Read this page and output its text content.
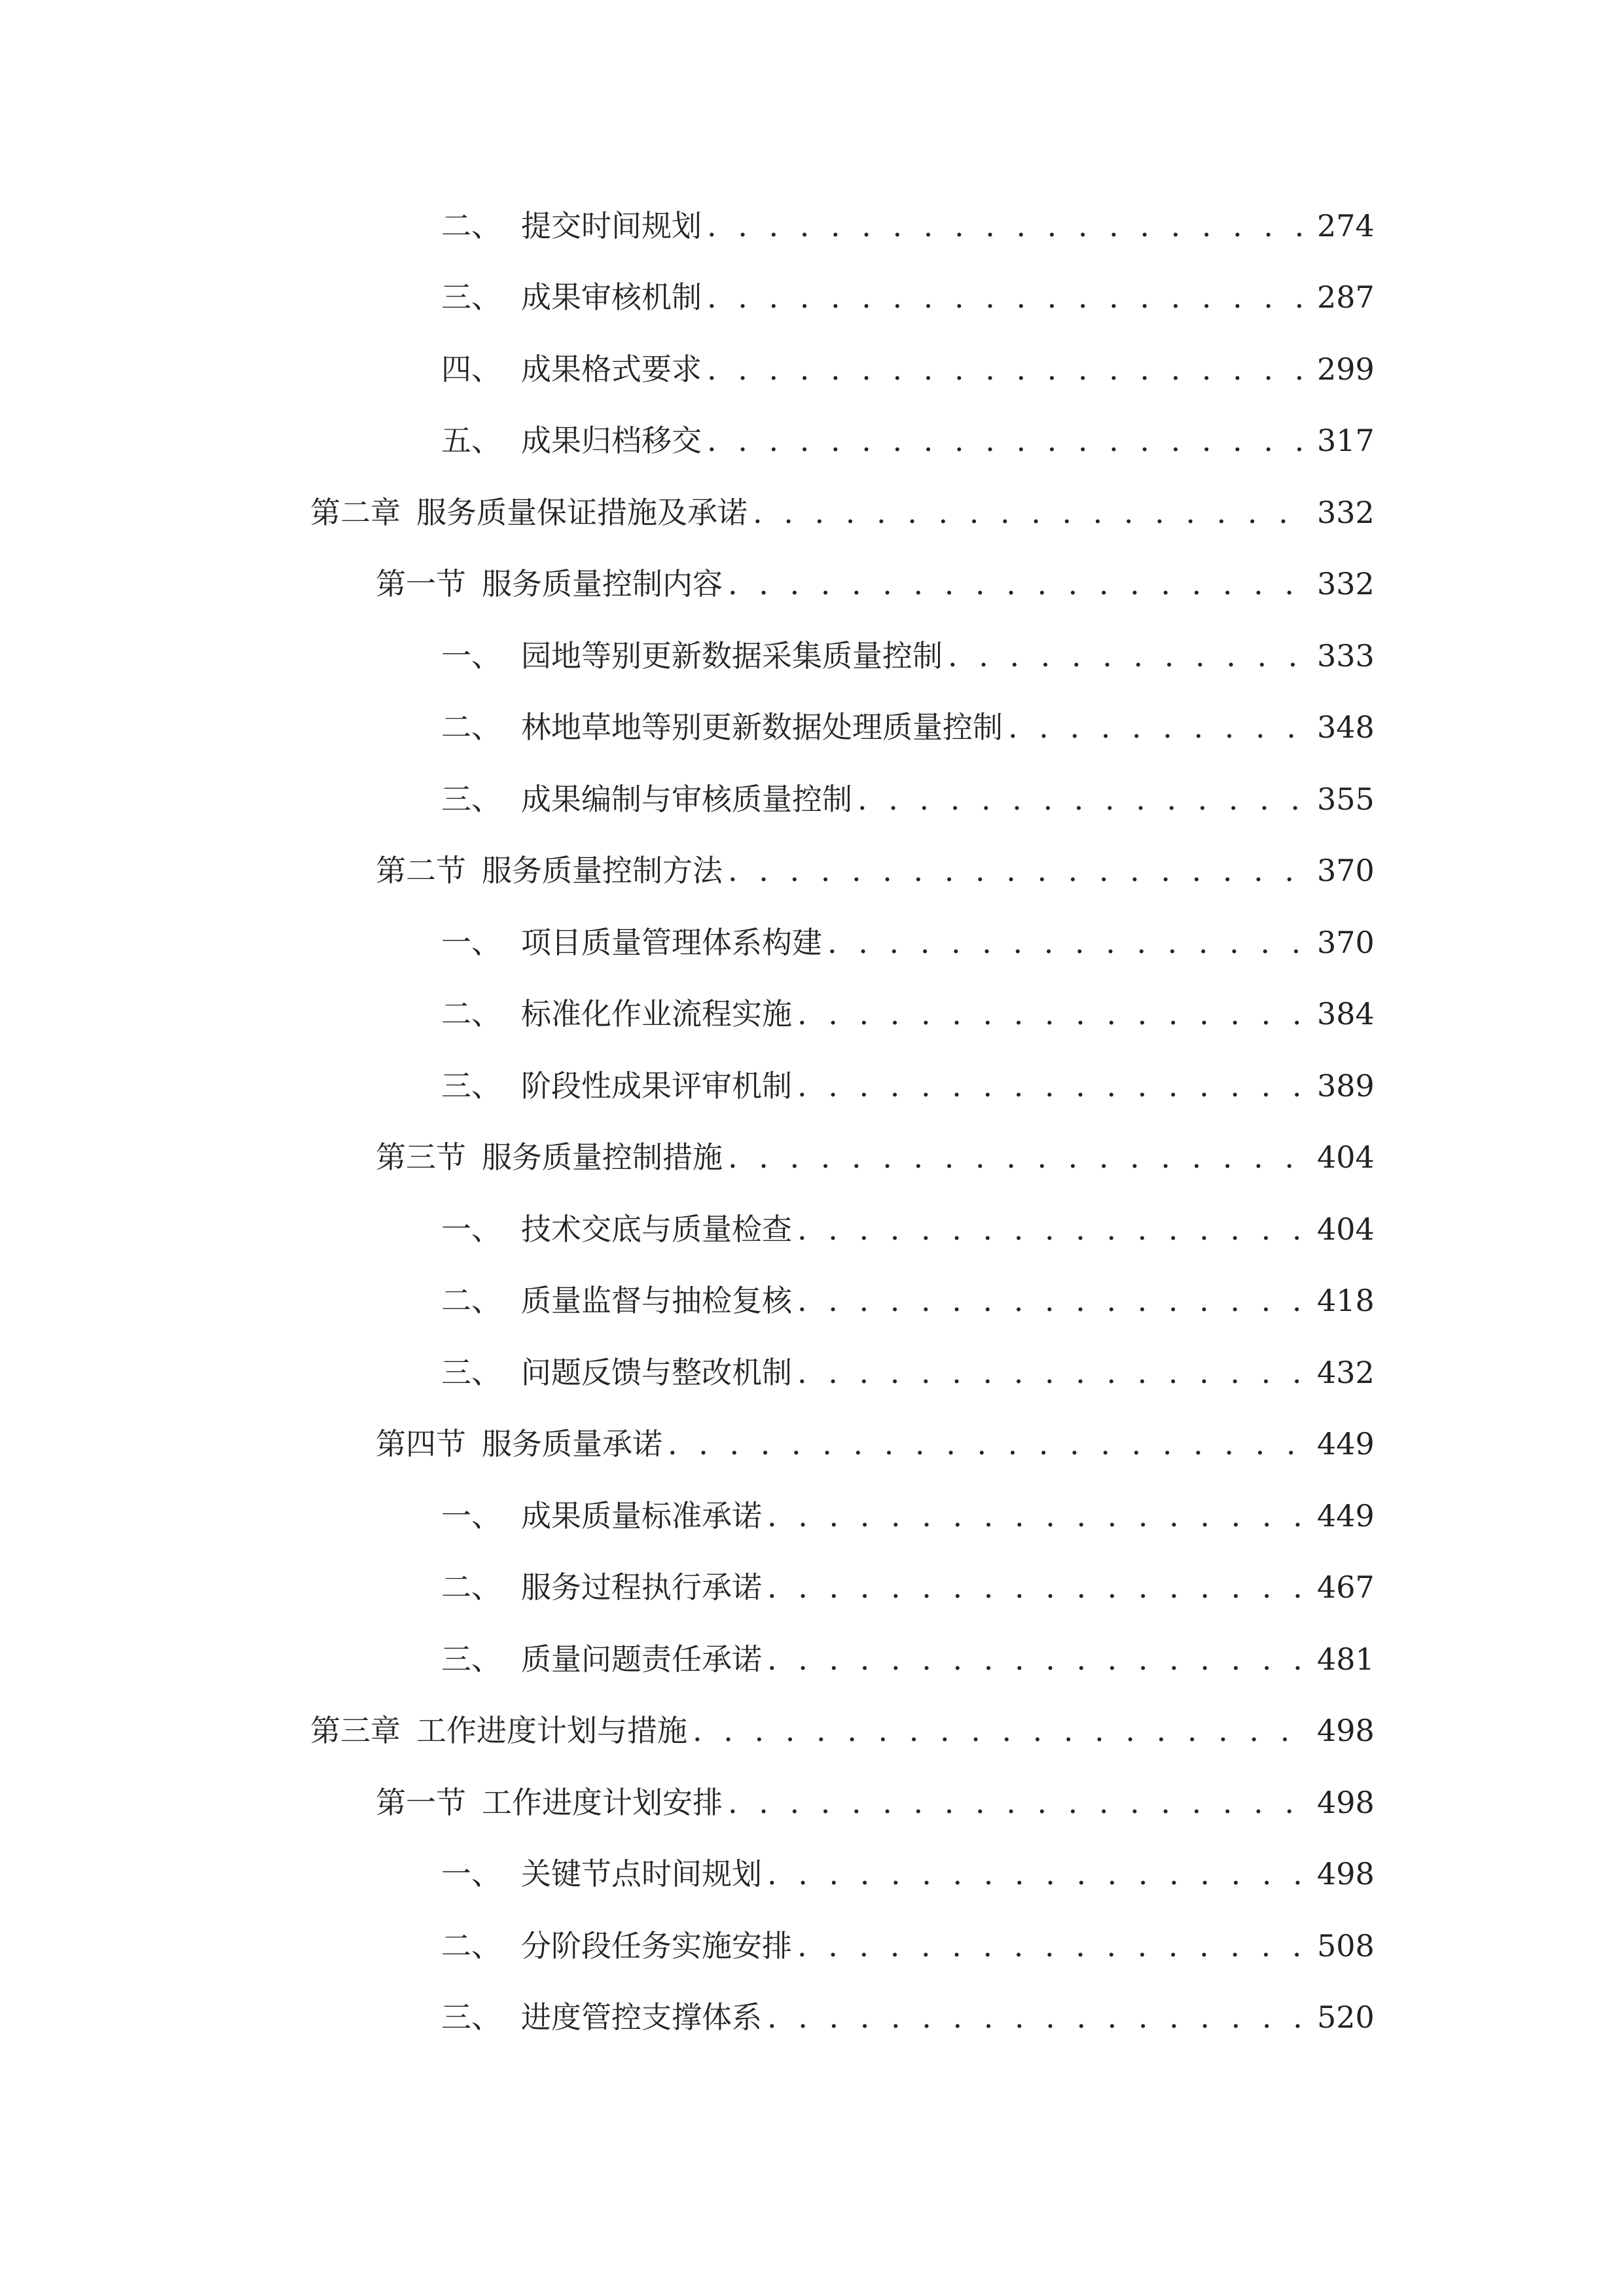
二、 提交时间规划 . . .	274
三、 成果审核机制 . . .	287
四、 成果格式要求 . . .	299
五、 成果归档移交 . . .	317
第二章 服务质量保证措施及承诺 . . .	332
第一节 服务质量控制内容 . . .	332
一、 园地等别更新数据采集质量控制 . . .	333
二、 林地草地等别更新数据处理质量控制 . . .	348
三、 成果编制与审核质量控制 . . .	355
第二节 服务质量控制方法 . . .	370
一、 项目质量管理体系构建 . . .	370
二、 标准化作业流程实施 . . .	384
三、 阶段性成果评审机制 . . .	389
第三节 服务质量控制措施 . . .	404
一、 技术交底与质量检查 . . .	404
二、 质量监督与抽检复核 . . .	418
三、 问题反馈与整改机制 . . .	432
第四节 服务质量承诺 . . .	449
一、 成果质量标准承诺 . . .	449
二、 服务过程执行承诺 . . .	467
三、 质量问题责任承诺 . . .	481
第三章 工作进度计划与措施 . . .	498
第一节 工作进度计划安排 . . .	498
一、 关键节点时间规划 . . .	498
二、 分阶段任务实施安排 . . .	508
三、 进度管控支撑体系 . . .	520
